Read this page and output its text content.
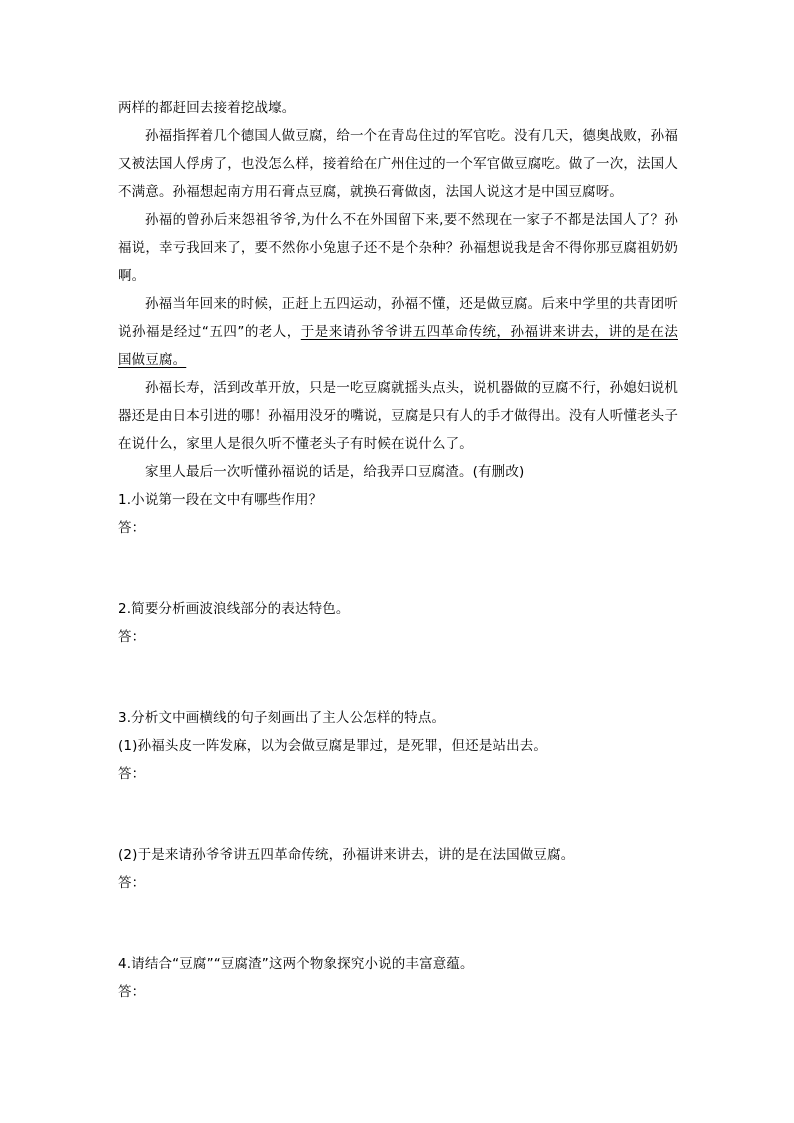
两样的都赶回去接着挖战壕。

孙福指挥着几个德国人做豆腐，给一个在青岛住过的军官吃。没有几天，德奥战败，孙福又被法国人俘虏了，也没怎么样，接着给在广州住过的一个军官做豆腐吃。做了一次，法国人不满意。孙福想起南方用石膏点豆腐，就换石膏做卤，法国人说这才是中国豆腐呀。

孙福的曾孙后来怨祖爷爷,为什么不在外国留下来,要不然现在一家子不都是法国人了？孙福说，幸亏我回来了，要不然你小兔崽子还不是个杂种？孙福想说我是舍不得你那豆腐祖奶奶啊。

孙福当年回来的时候，正赶上五四运动，孙福不懂，还是做豆腐。后来中学里的共青团听说孙福是经过“五四”的老人，于是来请孙爷爷讲五四革命传统，孙福讲来讲去，讲的是在法国做豆腐。

孙福长寿，活到改革开放，只是一吃豆腐就摇头点头，说机器做的豆腐不行，孙媳妇说机器还是由日本引进的哪！孙福用没牙的嘴说，豆腐是只有人的手才做得出。没有人听懂老头子在说什么，家里人是很久听不懂老头子有时候在说什么了。

家里人最后一次听懂孙福说的话是，给我弄口豆腐渣。(有删改)

1.小说第一段在文中有哪些作用？

答：

2.简要分析画波浪线部分的表达特色。

答：

3.分析文中画横线的句子刻画出了主人公怎样的特点。

(1)孙福头皮一阵发麻，以为会做豆腐是罪过，是死罪，但还是站出去。

答：

(2)于是来请孙爷爷讲五四革命传统，孙福讲来讲去，讲的是在法国做豆腐。

答：

4.请结合“豆腐”“豆腐渣”这两个物象探究小说的丰富意蕴。

答：
